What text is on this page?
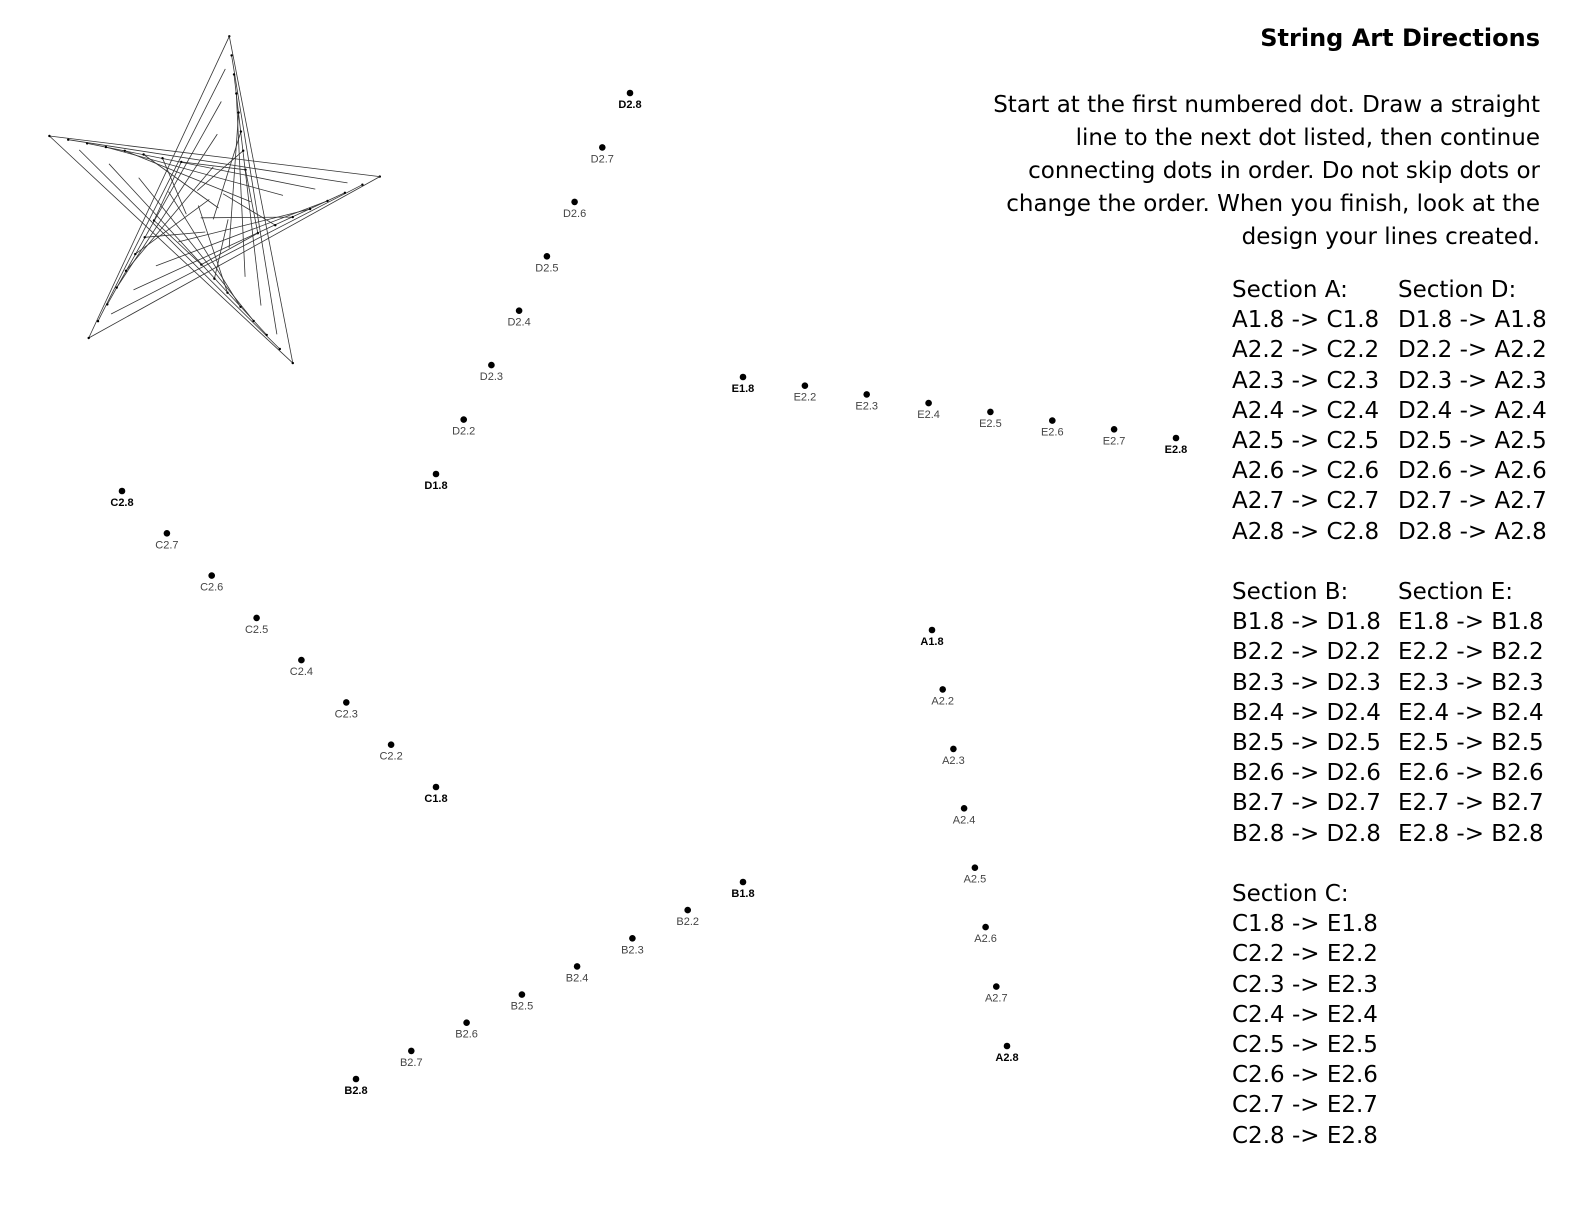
A1.8
A2.2
A2.3
A2.4
A2.5
A2.6
A2.7
A2.8
B1.8
B2.2
B2.3
B2.4
B2.5
B2.6
B2.7
B2.8
C1.8
C2.2
C2.3
C2.4
C2.5
C2.6
C2.7
C2.8
D1.8
D2.2
D2.3
D2.4
D2.5
D2.6
D2.7
D2.8
E1.8
E2.2
E2.3
E2.4
E2.5
E2.6
E2.7
E2.8
String Art Directions
Start at the first numbered dot. Draw a straight line to the next dot listed, then continue connecting dots in order. Do not skip dots or change the order. When you finish, look at the design your lines created.
Section A:
A1.8 -> C1.8
A2.2 -> C2.2
A2.3 -> C2.3
A2.4 -> C2.4
A2.5 -> C2.5
A2.6 -> C2.6
A2.7 -> C2.7
A2.8 -> C2.8
Section D:
D1.8 -> A1.8
D2.2 -> A2.2
D2.3 -> A2.3
D2.4 -> A2.4
D2.5 -> A2.5
D2.6 -> A2.6
D2.7 -> A2.7
D2.8 -> A2.8
Section B:
B1.8 -> D1.8
B2.2 -> D2.2
B2.3 -> D2.3
B2.4 -> D2.4
B2.5 -> D2.5
B2.6 -> D2.6
B2.7 -> D2.7
B2.8 -> D2.8
Section E:
E1.8 -> B1.8
E2.2 -> B2.2
E2.3 -> B2.3
E2.4 -> B2.4
E2.5 -> B2.5
E2.6 -> B2.6
E2.7 -> B2.7
E2.8 -> B2.8
Section C:
C1.8 -> E1.8
C2.2 -> E2.2
C2.3 -> E2.3
C2.4 -> E2.4
C2.5 -> E2.5
C2.6 -> E2.6
C2.7 -> E2.7
C2.8 -> E2.8
